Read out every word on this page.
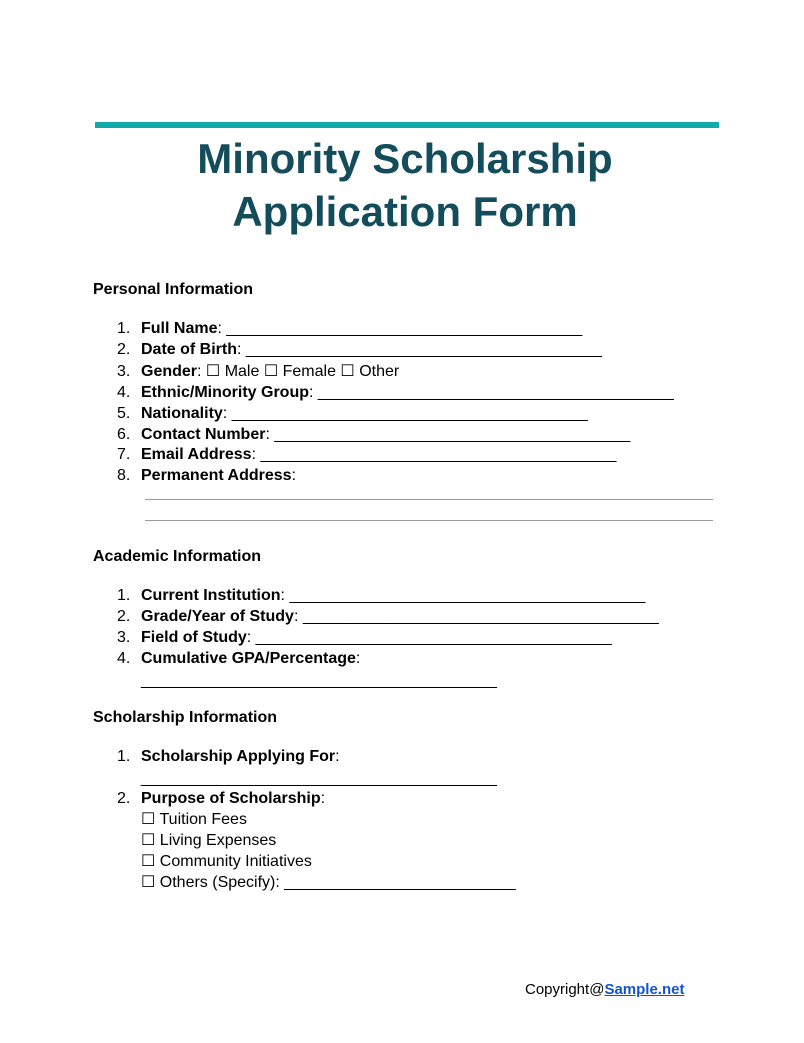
Minority Scholarship
Application Form
Personal Information
1. Full Name: ________________________________________
2. Date of Birth: ________________________________________
3. Gender: ☐ Male ☐ Female ☐ Other
4. Ethnic/Minority Group: ________________________________________
5. Nationality: ________________________________________
6. Contact Number: ________________________________________
7. Email Address: ________________________________________
8. Permanent Address:
Academic Information
1. Current Institution: ________________________________________
2. Grade/Year of Study: ________________________________________
3. Field of Study: ________________________________________
4. Cumulative GPA/Percentage:
________________________________________
Scholarship Information
1. Scholarship Applying For:
________________________________________
2. Purpose of Scholarship:
☐ Tuition Fees
☐ Living Expenses
☐ Community Initiatives
☐ Others (Specify): __________________________
Copyright@Sample.net
